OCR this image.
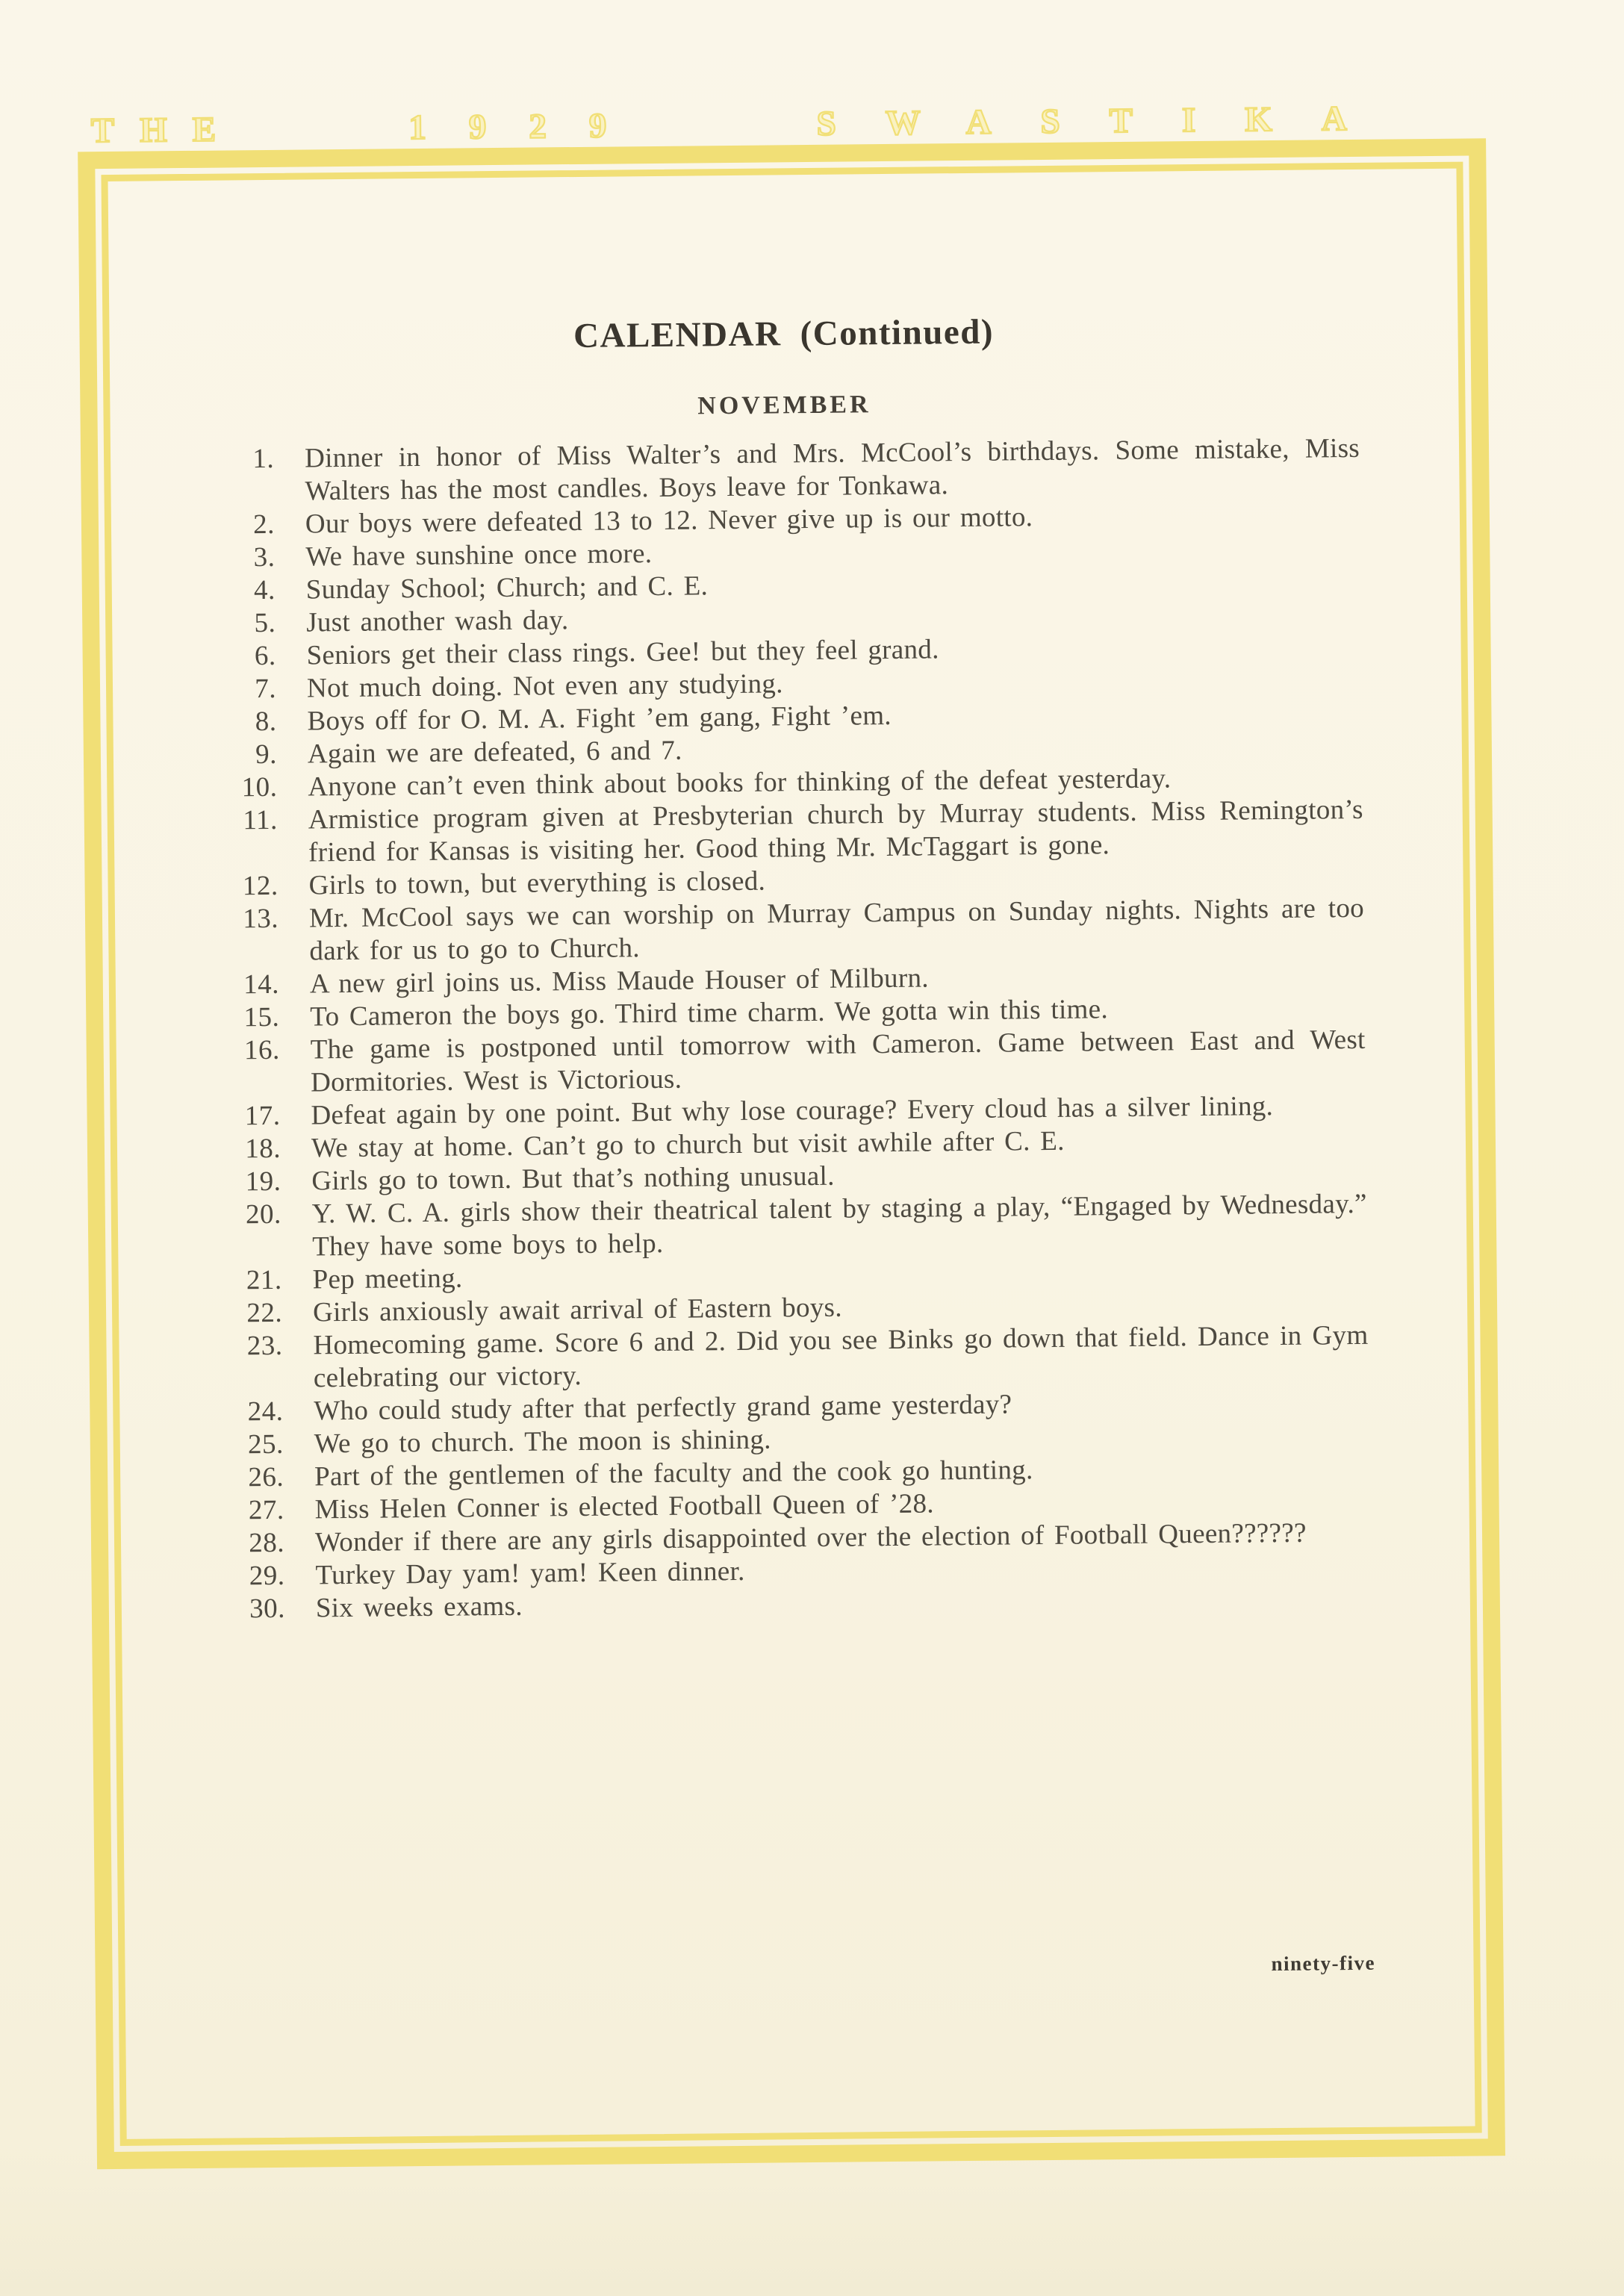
THE	1929	SWASTIKA
CALENDAR (Continued)
NOVEMBER
1. Dinner in honor of Miss Walter’s and Mrs. McCool’s birthdays. Some mistake, Miss Walters has the most candles. Boys leave for Tonkawa.
2. Our boys were defeated 13 to 12. Never give up is our motto.
3. We have sunshine once more.
4. Sunday School; Church; and C. E.
5. Just another wash day.
6. Seniors get their class rings. Gee! but they feel grand.
7. Not much doing. Not even any studying.
8. Boys off for O. M. A. Fight ’em gang, Fight ’em.
9. Again we are defeated, 6 and 7.
10. Anyone can’t even think about books for thinking of the defeat yesterday.
11. Armistice program given at Presbyterian church by Murray students. Miss Remington’s friend for Kansas is visiting her. Good thing Mr. McTaggart is gone.
12. Girls to town, but everything is closed.
13. Mr. McCool says we can worship on Murray Campus on Sunday nights. Nights are too dark for us to go to Church.
14. A new girl joins us. Miss Maude Houser of Milburn.
15. To Cameron the boys go. Third time charm. We gotta win this time.
16. The game is postponed until tomorrow with Cameron. Game between East and West Dormitories. West is Victorious.
17. Defeat again by one point. But why lose courage? Every cloud has a silver lining.
18. We stay at home. Can’t go to church but visit awhile after C. E.
19. Girls go to town. But that’s nothing unusual.
20. Y. W. C. A. girls show their theatrical talent by staging a play, “Engaged by Wednesday.” They have some boys to help.
21. Pep meeting.
22. Girls anxiously await arrival of Eastern boys.
23. Homecoming game. Score 6 and 2. Did you see Binks go down that field. Dance in Gym celebrating our victory.
24. Who could study after that perfectly grand game yesterday?
25. We go to church. The moon is shining.
26. Part of the gentlemen of the faculty and the cook go hunting.
27. Miss Helen Conner is elected Football Queen of ’28.
28. Wonder if there are any girls disappointed over the election of Football Queen??????
29. Turkey Day yam! yam! Keen dinner.
30. Six weeks exams.
ninety-five
